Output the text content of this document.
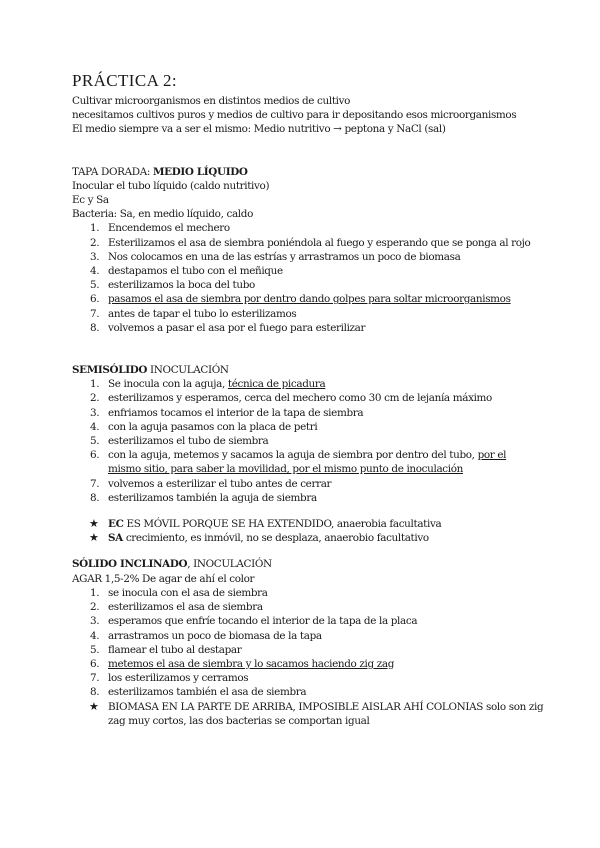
PRÁCTICA 2:
Cultivar microorganismos en distintos medios de cultivo
necesitamos cultivos puros y medios de cultivo para ir depositando esos microorganismos
El medio siempre va a ser el mismo: Medio nutritivo → peptona y NaCl (sal)
TAPA DORADA: MEDIO LÍQUIDO
Inocular el tubo líquido (caldo nutritivo)
Ec y Sa
Bacteria: Sa, en medio líquido, caldo
1. Encendemos el mechero
2. Esterilizamos el asa de siembra poniéndola al fuego y esperando que se ponga al rojo
3. Nos colocamos en una de las estrías y arrastramos un poco de biomasa
4. destapamos el tubo con el meñique
5. esterilizamos la boca del tubo
6. pasamos el asa de siembra por dentro dando golpes para soltar microorganismos
7. antes de tapar el tubo lo esterilizamos
8. volvemos a pasar el asa por el fuego para esterilizar
SEMISÓLIDO INOCULACIÓN
1. Se inocula con la aguja, técnica de picadura
2. esterilizamos y esperamos, cerca del mechero como 30 cm de lejanía máximo
3. enfriamos tocamos el interior de la tapa de siembra
4. con la aguja pasamos con la placa de petri
5. esterilizamos el tubo de siembra
6. con la aguja, metemos y sacamos la aguja de siembra por dentro del tubo, por el
mismo sitio, para saber la movilidad, por el mismo punto de inoculación
7. volvemos a esterilizar el tubo antes de cerrar
8. esterilizamos también la aguja de siembra
★ EC ES MÓVIL PORQUE SE HA EXTENDIDO, anaerobia facultativa
★ SA crecimiento, es inmóvil, no se desplaza, anaerobio facultativo
SÓLIDO INCLINADO, INOCULACIÓN
AGAR 1,5-2% De agar de ahí el color
1. se inocula con el asa de siembra
2. esterilizamos el asa de siembra
3. esperamos que enfríe tocando el interior de la tapa de la placa
4. arrastramos un poco de biomasa de la tapa
5. flamear el tubo al destapar
6. metemos el asa de siembra y lo sacamos haciendo zig zag
7. los esterilizamos y cerramos
8. esterilizamos también el asa de siembra
★ BIOMASA EN LA PARTE DE ARRIBA, IMPOSIBLE AISLAR AHÍ COLONIAS solo son zig zag muy cortos, las dos bacterias se comportan igual
